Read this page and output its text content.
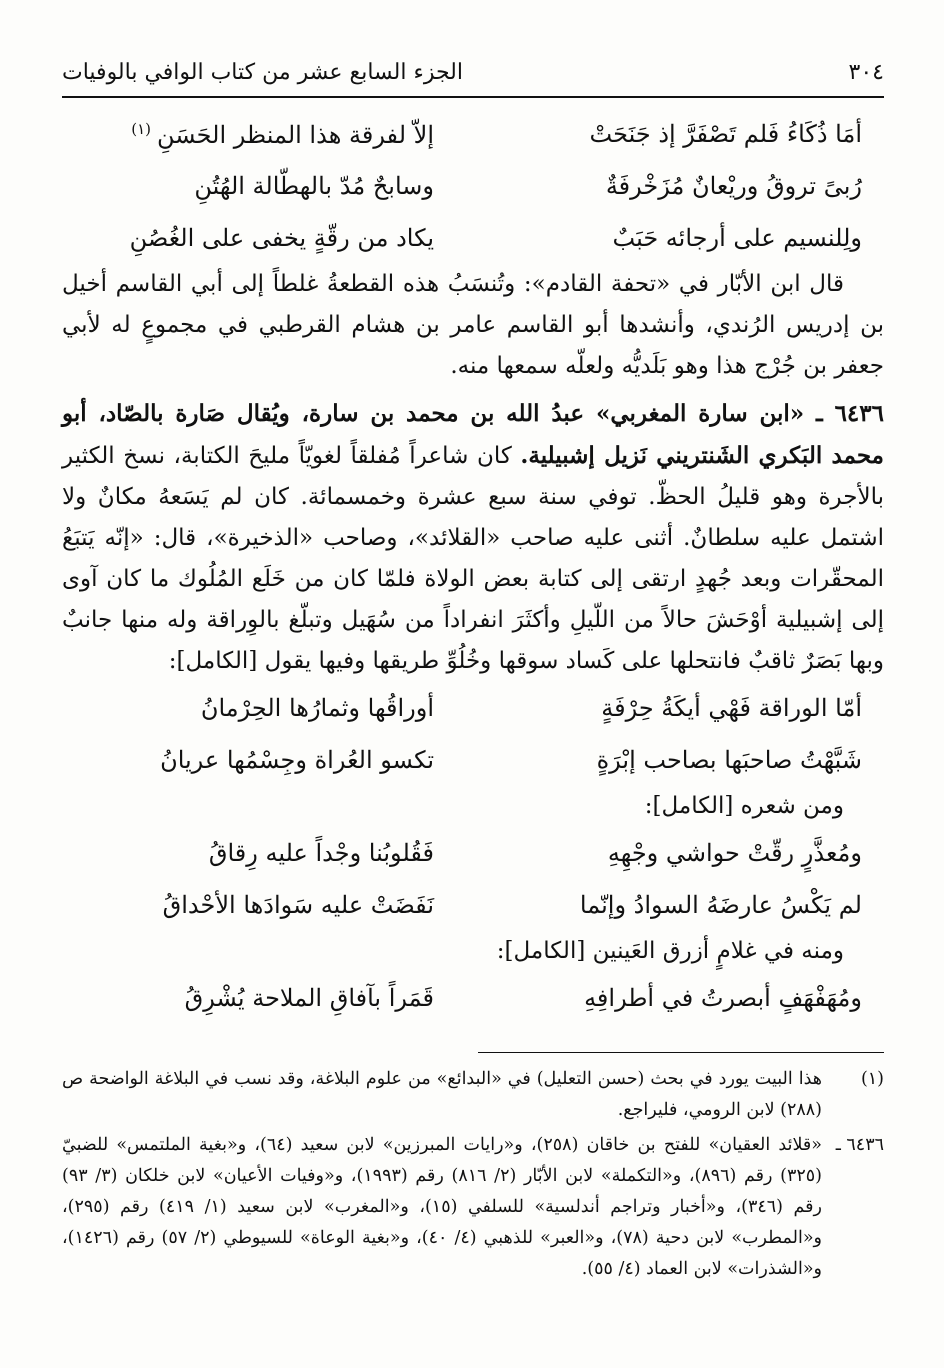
٣٠٤
الجزء السابع عشر من كتاب الوافي بالوفيات
أمَا ذُكَاءُ فَلم تَصْفَرَّ إذ جَنَحَتْ
إلاّ لفرقة هذا المنظر الحَسَنِ$^{(١)}$
رُبىً تروقُ وريْعانٌ مُزَخْرفَةٌ
وسابحٌ مُدّ بالهطّالة الهُتُنِ
ولِلنسيم على أرجائه حَبَبٌ
يكاد من رقّةٍ يخفى على الغُصُنِ

قال ابن الأبّار في «تحفة القادم»: وتُنسَبُ هذه القطعةُ غلطاً إلى أبي القاسم أخيل بن إدريس الرُندي، وأنشدها أبو القاسم عامر بن هشام القرطبي في مجموعٍ له لأبي جعفر بن جُرْج هذا وهو بَلَديُّه ولعلّه سمعها منه.

٦٤٣٦ ـ «ابن سارة المغربي» عبدُ الله بن محمد بن سارة، ويُقال صَارة بالصّاد، أبو محمد البَكري الشَنتريني نَزيل إشبيلية. كان شاعراً مُفلقاً لغويّاً مليحَ الكتابة، نسخ الكثير بالأجرة وهو قليلُ الحظّ. توفي سنة سبع عشرة وخمسمائة. كان لم يَسَعهُ مكانٌ ولا اشتمل عليه سلطانٌ. أثنى عليه صاحب «القلائد»، وصاحب «الذخيرة»، قال: «إنّه يَتبَعُ المحقّرات وبعد جُهدٍ ارتقى إلى كتابة بعض الولاة فلمّا كان من خَلَع المُلُوك ما كان آوى إلى إشبيلية أوْحَشَ حالاً من اللّيلِ وأكثَرَ انفراداً من سُهَيل وتبلّغ بالوِراقة وله منها جانبٌ وبها بَصَرٌ ثاقبٌ فانتحلها على كَساد سوقها وخُلُوِّ طريقها وفيها يقول [الكامل]:

أمّا الوراقة فَهْي أيكَةُ حِرْفَةٍ
أوراقُها وثمارُها الحِرْمانُ
شَبَّهْتُ صاحبَها بصاحب إبْرَةٍ
تكسو العُراة وجِسْمُها عريانُ

ومن شعره [الكامل]:

ومُعذَّرٍ رقّتْ حواشي وجْهِهِ
فَقُلوبُنا وجْداً عليه رِقاقُ
لم يَكْسُ عارضَهُ السوادُ وإنّما
نَفَضَتْ عليه سَوادَها الأحْداقُ

ومنه في غلامٍ أزرق العَينين [الكامل]:

ومُهَفْهَفٍ أبصرتُ في أطرافِهِ
قَمَراً بآفاقِ الملاحة يُشْرِقُ
(١)
هذا البيت يورد في بحث (حسن التعليل) في «البدائع» من علوم البلاغة، وقد نسب في البلاغة الواضحة ص (٢٨٨) لابن الرومي، فليراجع.
٦٤٣٦ ـ
«قلائد العقيان» للفتح بن خاقان (٢٥٨)، و«رايات المبرزين» لابن سعيد (٦٤)، و«بغية الملتمس» للضبيّ (٣٢٥) رقم (٨٩٦)، و«التكملة» لابن الأبّار (٢/ ٨١٦) رقم (١٩٩٣)، و«وفيات الأعيان» لابن خلكان (٣/ ٩٣) رقم (٣٤٦)، و«أخبار وتراجم أندلسية» للسلفي (١٥)، و«المغرب» لابن سعيد (١/ ٤١٩) رقم (٢٩٥)، و«المطرب» لابن دحية (٧٨)، و«العبر» للذهبي (٤/ ٤٠)، و«بغية الوعاة» للسيوطي (٢/ ٥٧) رقم (١٤٢٦)، و«الشذرات» لابن العماد (٤/ ٥٥).
